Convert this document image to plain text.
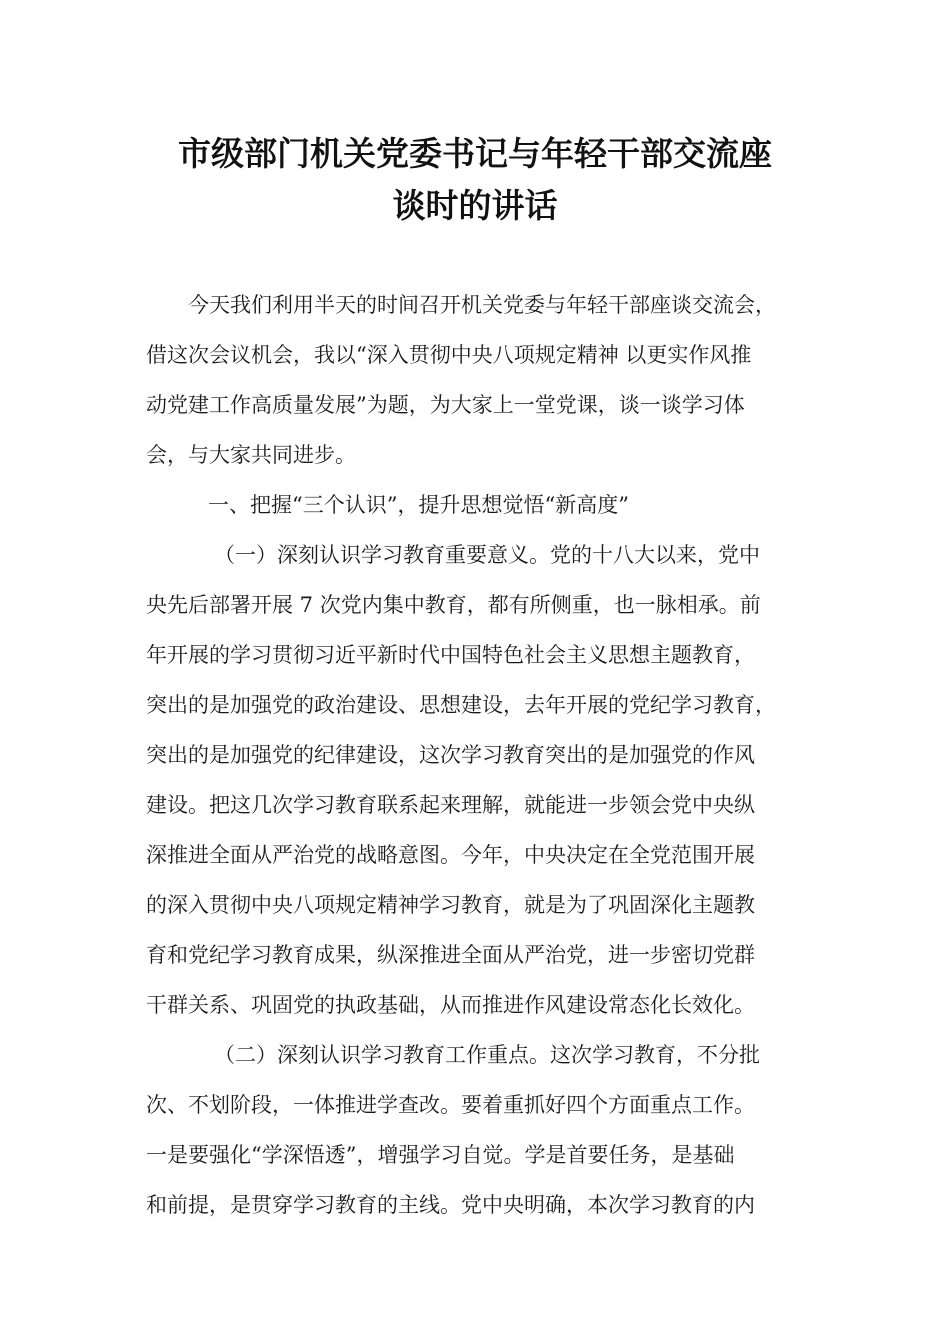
市级部门机关党委书记与年轻干部交流座
谈时的讲话
今天我们利用半天的时间召开机关党委与年轻干部座谈交流会，
借这次会议机会，我以“深入贯彻中央八项规定精神 以更实作风推
动党建工作高质量发展”为题，为大家上一堂党课，谈一谈学习体
会，与大家共同进步。
一、把握“三个认识”，提升思想觉悟“新高度”
（一）深刻认识学习教育重要意义。党的十八大以来，党中
央先后部署开展 7 次党内集中教育，都有所侧重，也一脉相承。前
年开展的学习贯彻习近平新时代中国特色社会主义思想主题教育，
突出的是加强党的政治建设、思想建设，去年开展的党纪学习教育，
突出的是加强党的纪律建设，这次学习教育突出的是加强党的作风
建设。把这几次学习教育联系起来理解，就能进一步领会党中央纵
深推进全面从严治党的战略意图。今年，中央决定在全党范围开展
的深入贯彻中央八项规定精神学习教育，就是为了巩固深化主题教
育和党纪学习教育成果，纵深推进全面从严治党，进一步密切党群
干群关系、巩固党的执政基础，从而推进作风建设常态化长效化。
（二）深刻认识学习教育工作重点。这次学习教育，不分批
次、不划阶段，一体推进学查改。要着重抓好四个方面重点工作。
一是要强化“学深悟透”，增强学习自觉。学是首要任务，是基础
和前提，是贯穿学习教育的主线。党中央明确，本次学习教育的内
